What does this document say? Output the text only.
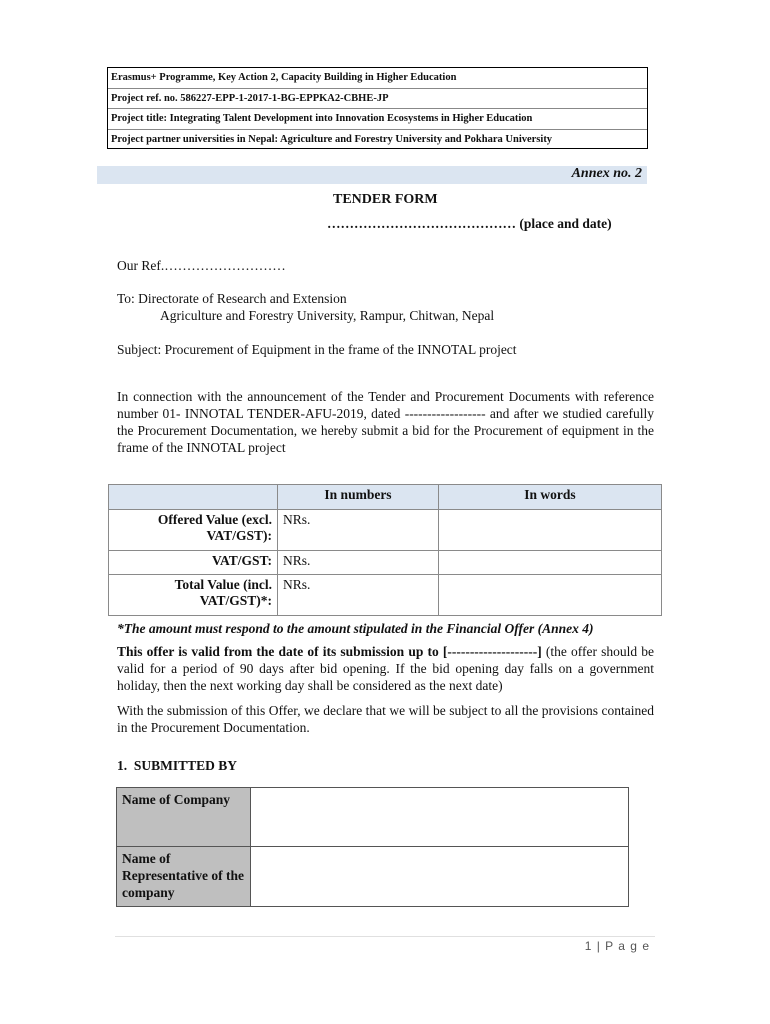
Erasmus+ Programme, Key Action 2, Capacity Building in Higher Education
Project ref. no. 586227-EPP-1-2017-1-BG-EPPKA2-CBHE-JP
Project title: Integrating Talent Development into Innovation Ecosystems in Higher Education
Project partner universities in Nepal: Agriculture and Forestry University and Pokhara University
Annex no. 2
TENDER FORM
…………………………………… (place and date)
Our Ref.………………………
To: Directorate of Research and Extension
Agriculture and Forestry University, Rampur, Chitwan, Nepal
Subject: Procurement of Equipment in the frame of the INNOTAL project
In connection with the announcement of the Tender and Procurement Documents with reference number 01- INNOTAL TENDER-AFU-2019, dated ------------------ and after we studied carefully the Procurement Documentation, we hereby submit a bid for the Procurement of equipment in the frame of the INNOTAL project
	In numbers	In words
Offered Value (excl. VAT/GST):	NRs.	
VAT/GST:	NRs.	
Total Value (incl. VAT/GST)*:	NRs.	
*The amount must respond to the amount stipulated in the Financial Offer (Annex 4)
This offer is valid from the date of its submission up to [--------------------] (the offer should be valid for a period of 90 days after bid opening. If the bid opening day falls on a government holiday, then the next working day shall be considered as the next date)
With the submission of this Offer, we declare that we will be subject to all the provisions contained in the Procurement Documentation.
1.  SUBMITTED BY
Name of Company	
Name of Representative of the company	
1 | P a g e
